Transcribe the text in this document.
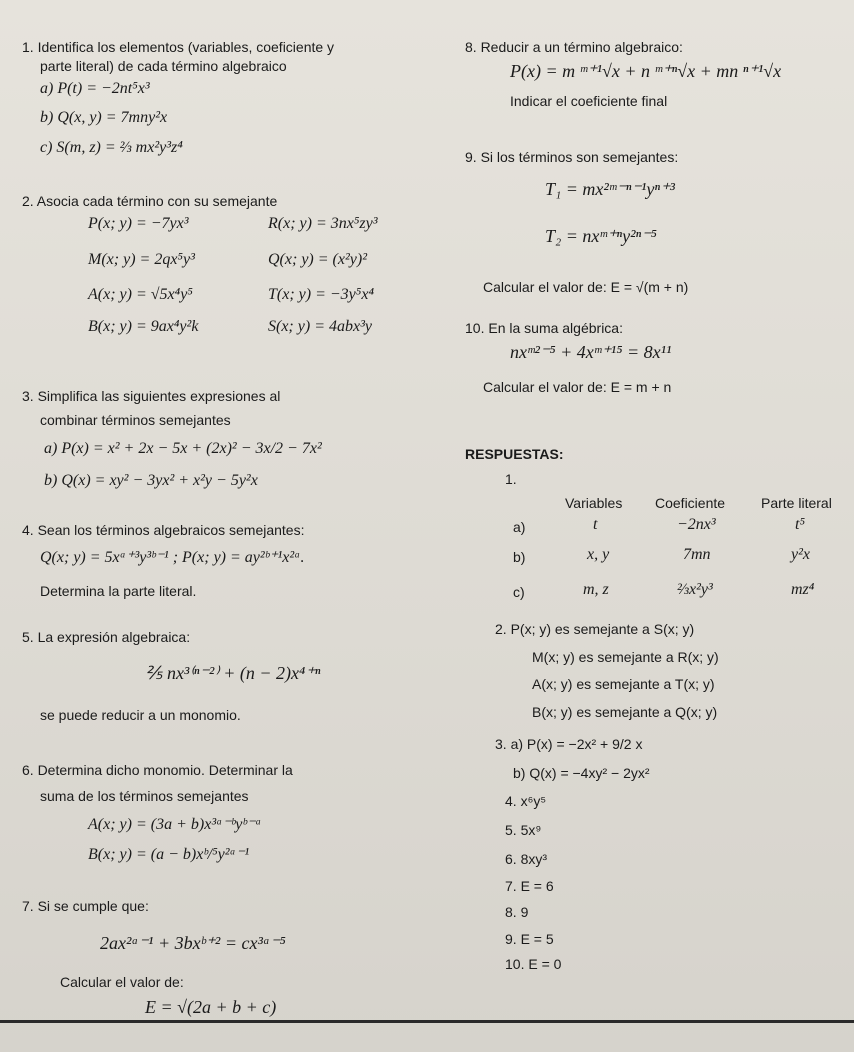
1. Identifica los elementos (variables, coeficiente y
parte literal) de cada término algebraico
a) P(t) = −2nt⁵x³
b) Q(x, y) = 7mny²x
c) S(m, z) = ⅔ mx²y³z⁴
2. Asocia cada término con su semejante
P(x; y) = −7yx³	R(x; y) = 3nx⁵zy³
M(x; y) = 2qx⁵y³	Q(x; y) = (x²y)²
A(x; y) = √5x⁴y⁵	T(x; y) = −3y⁵x⁴
B(x; y) = 9ax⁴y²k	S(x; y) = 4abx³y
3. Simplifica las siguientes expresiones al
combinar términos semejantes
a) P(x) = x² + 2x − 5x + (2x)² − 3x/2 − 7x²
b) Q(x) = xy² − 3yx² + x²y − 5y²x
4. Sean los términos algebraicos semejantes:
Q(x; y) = 5xᵃ⁺³y³ᵇ⁻¹ ; P(x; y) = ay²ᵇ⁺¹x²ᵃ.
Determina la parte literal.
5. La expresión algebraica:
⅖ nx³⁽ⁿ⁻²⁾ + (n − 2)x⁴⁺ⁿ
se puede reducir a un monomio.
6. Determina dicho monomio. Determinar la
suma de los términos semejantes
A(x; y) = (3a + b)x³ᵃ⁻ᵇyᵇ⁻ᵃ
B(x; y) = (a − b)xᵇ/⁵y²ᵃ⁻¹
7. Si se cumple que:
2ax²ᵃ⁻¹ + 3bxᵇ⁺² = cx³ᵃ⁻⁵
Calcular el valor de:
E = √(2a + b + c)
8. Reducir a un término algebraico:
P(x) = m ᵐ⁺¹√x + n ᵐ⁺ⁿ√x + mn ⁿ⁺¹√x
Indicar el coeficiente final
9. Si los términos son semejantes:
T₁ = mx²ᵐ⁻ⁿ⁻¹yⁿ⁺³
T₂ = nxᵐ⁺ⁿy²ⁿ⁻⁵
Calcular el valor de: E = √(m + n)
10. En la suma algébrica:
nxᵐ²⁻⁵ + 4xᵐ⁺¹⁵ = 8x¹¹
Calcular el valor de: E = m + n
RESPUESTAS:
1.
Variables Coeficiente	Parte literal
a)	t	−2nx³	t⁵
b)	x, y	7mn	y²x
c)	m, z	⅔x²y³	mz⁴
2. P(x; y) es semejante a S(x; y)
M(x; y) es semejante a R(x; y)
A(x; y) es semejante a T(x; y)
B(x; y) es semejante a Q(x; y)
3. a) P(x) = −2x² + 9/2 x
b) Q(x) = −4xy² − 2yx²
4. x⁶y⁵
5. 5x⁹
6. 8xy³
7. E = 6
8. 9
9. E = 5
10. E = 0
